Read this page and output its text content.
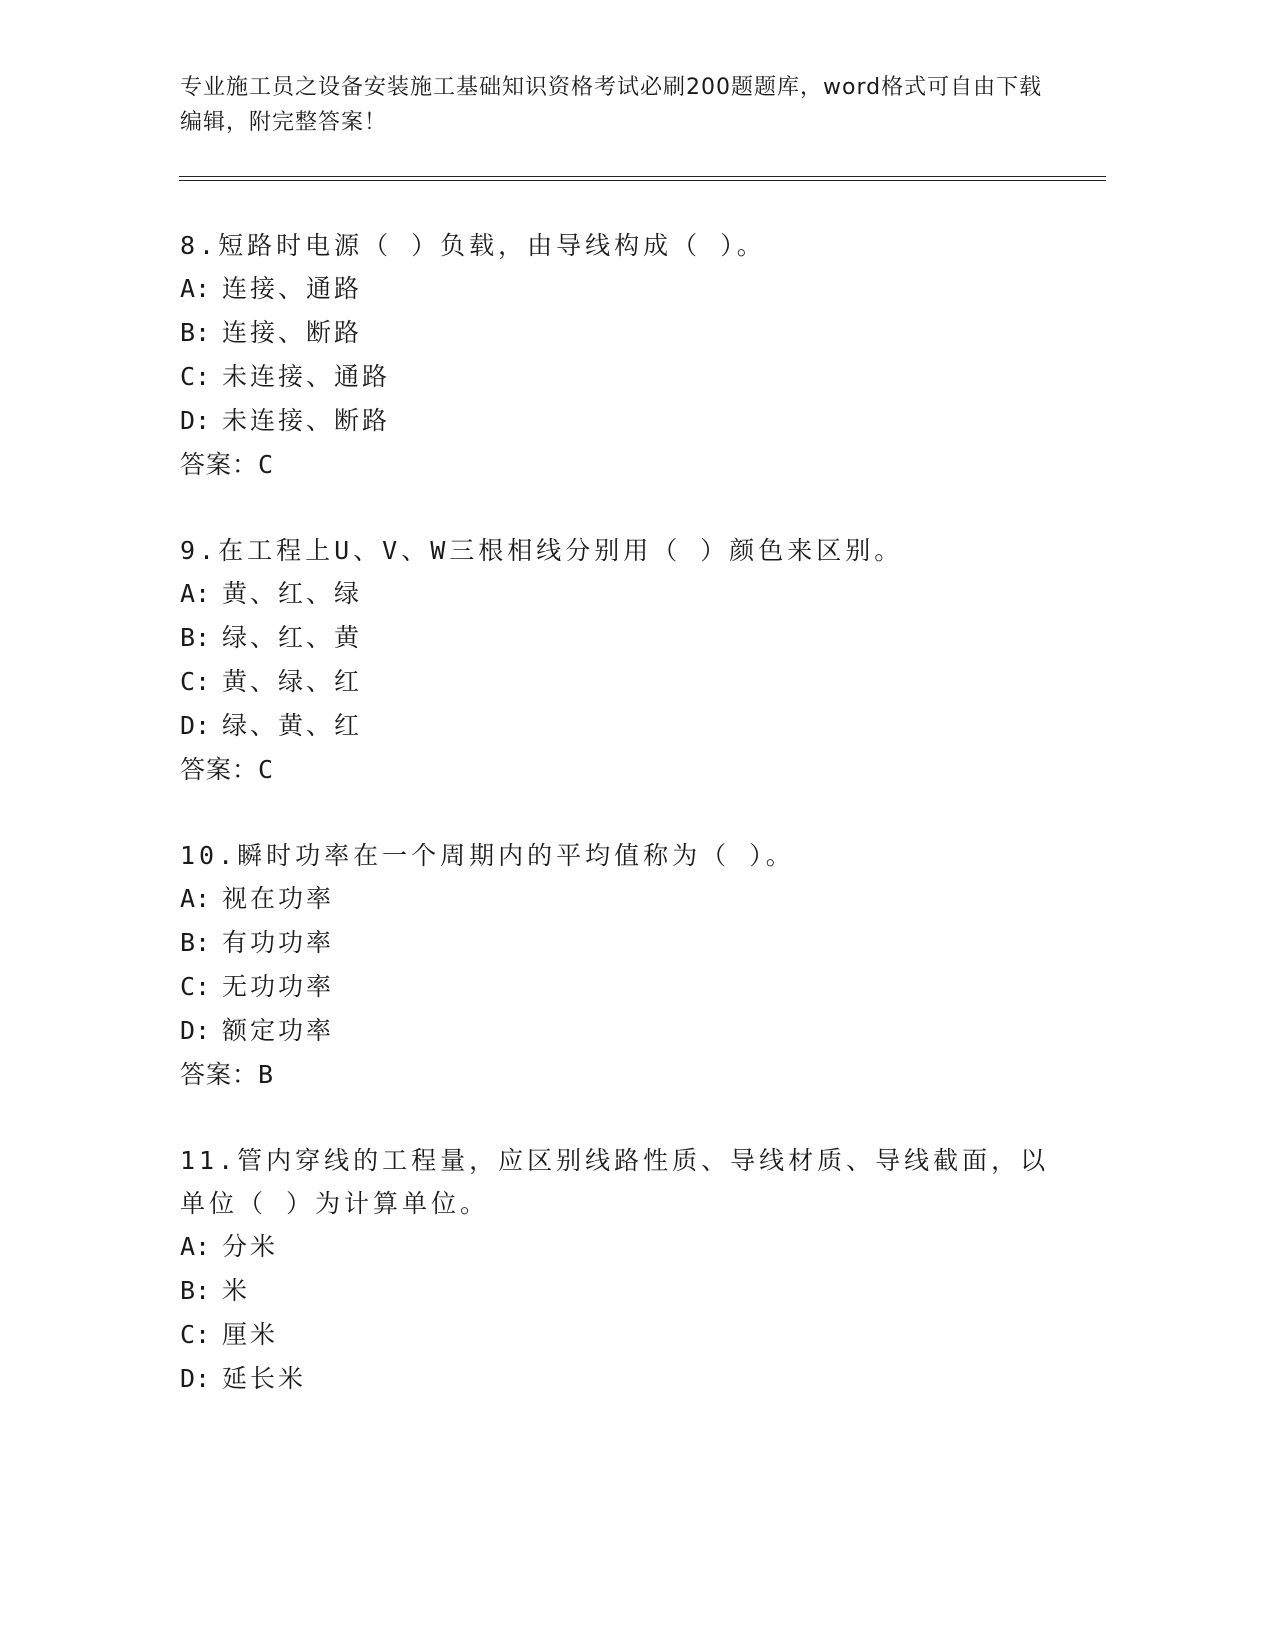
专业施工员之设备安装施工基础知识资格考试必刷200题题库，word格式可自由下载编辑，附完整答案！
8.短路时电源（ ）负载，由导线构成（ ）。
A: 连接、通路
B: 连接、断路
C: 未连接、通路
D: 未连接、断路
答案：C
9.在工程上U、V、W三根相线分别用（ ）颜色来区别。
A: 黄、红、绿
B: 绿、红、黄
C: 黄、绿、红
D: 绿、黄、红
答案：C
10.瞬时功率在一个周期内的平均值称为（ ）。
A: 视在功率
B: 有功功率
C: 无功功率
D: 额定功率
答案：B
11.管内穿线的工程量，应区别线路性质、导线材质、导线截面，以单位（ ）为计算单位。
A: 分米
B: 米
C: 厘米
D: 延长米
